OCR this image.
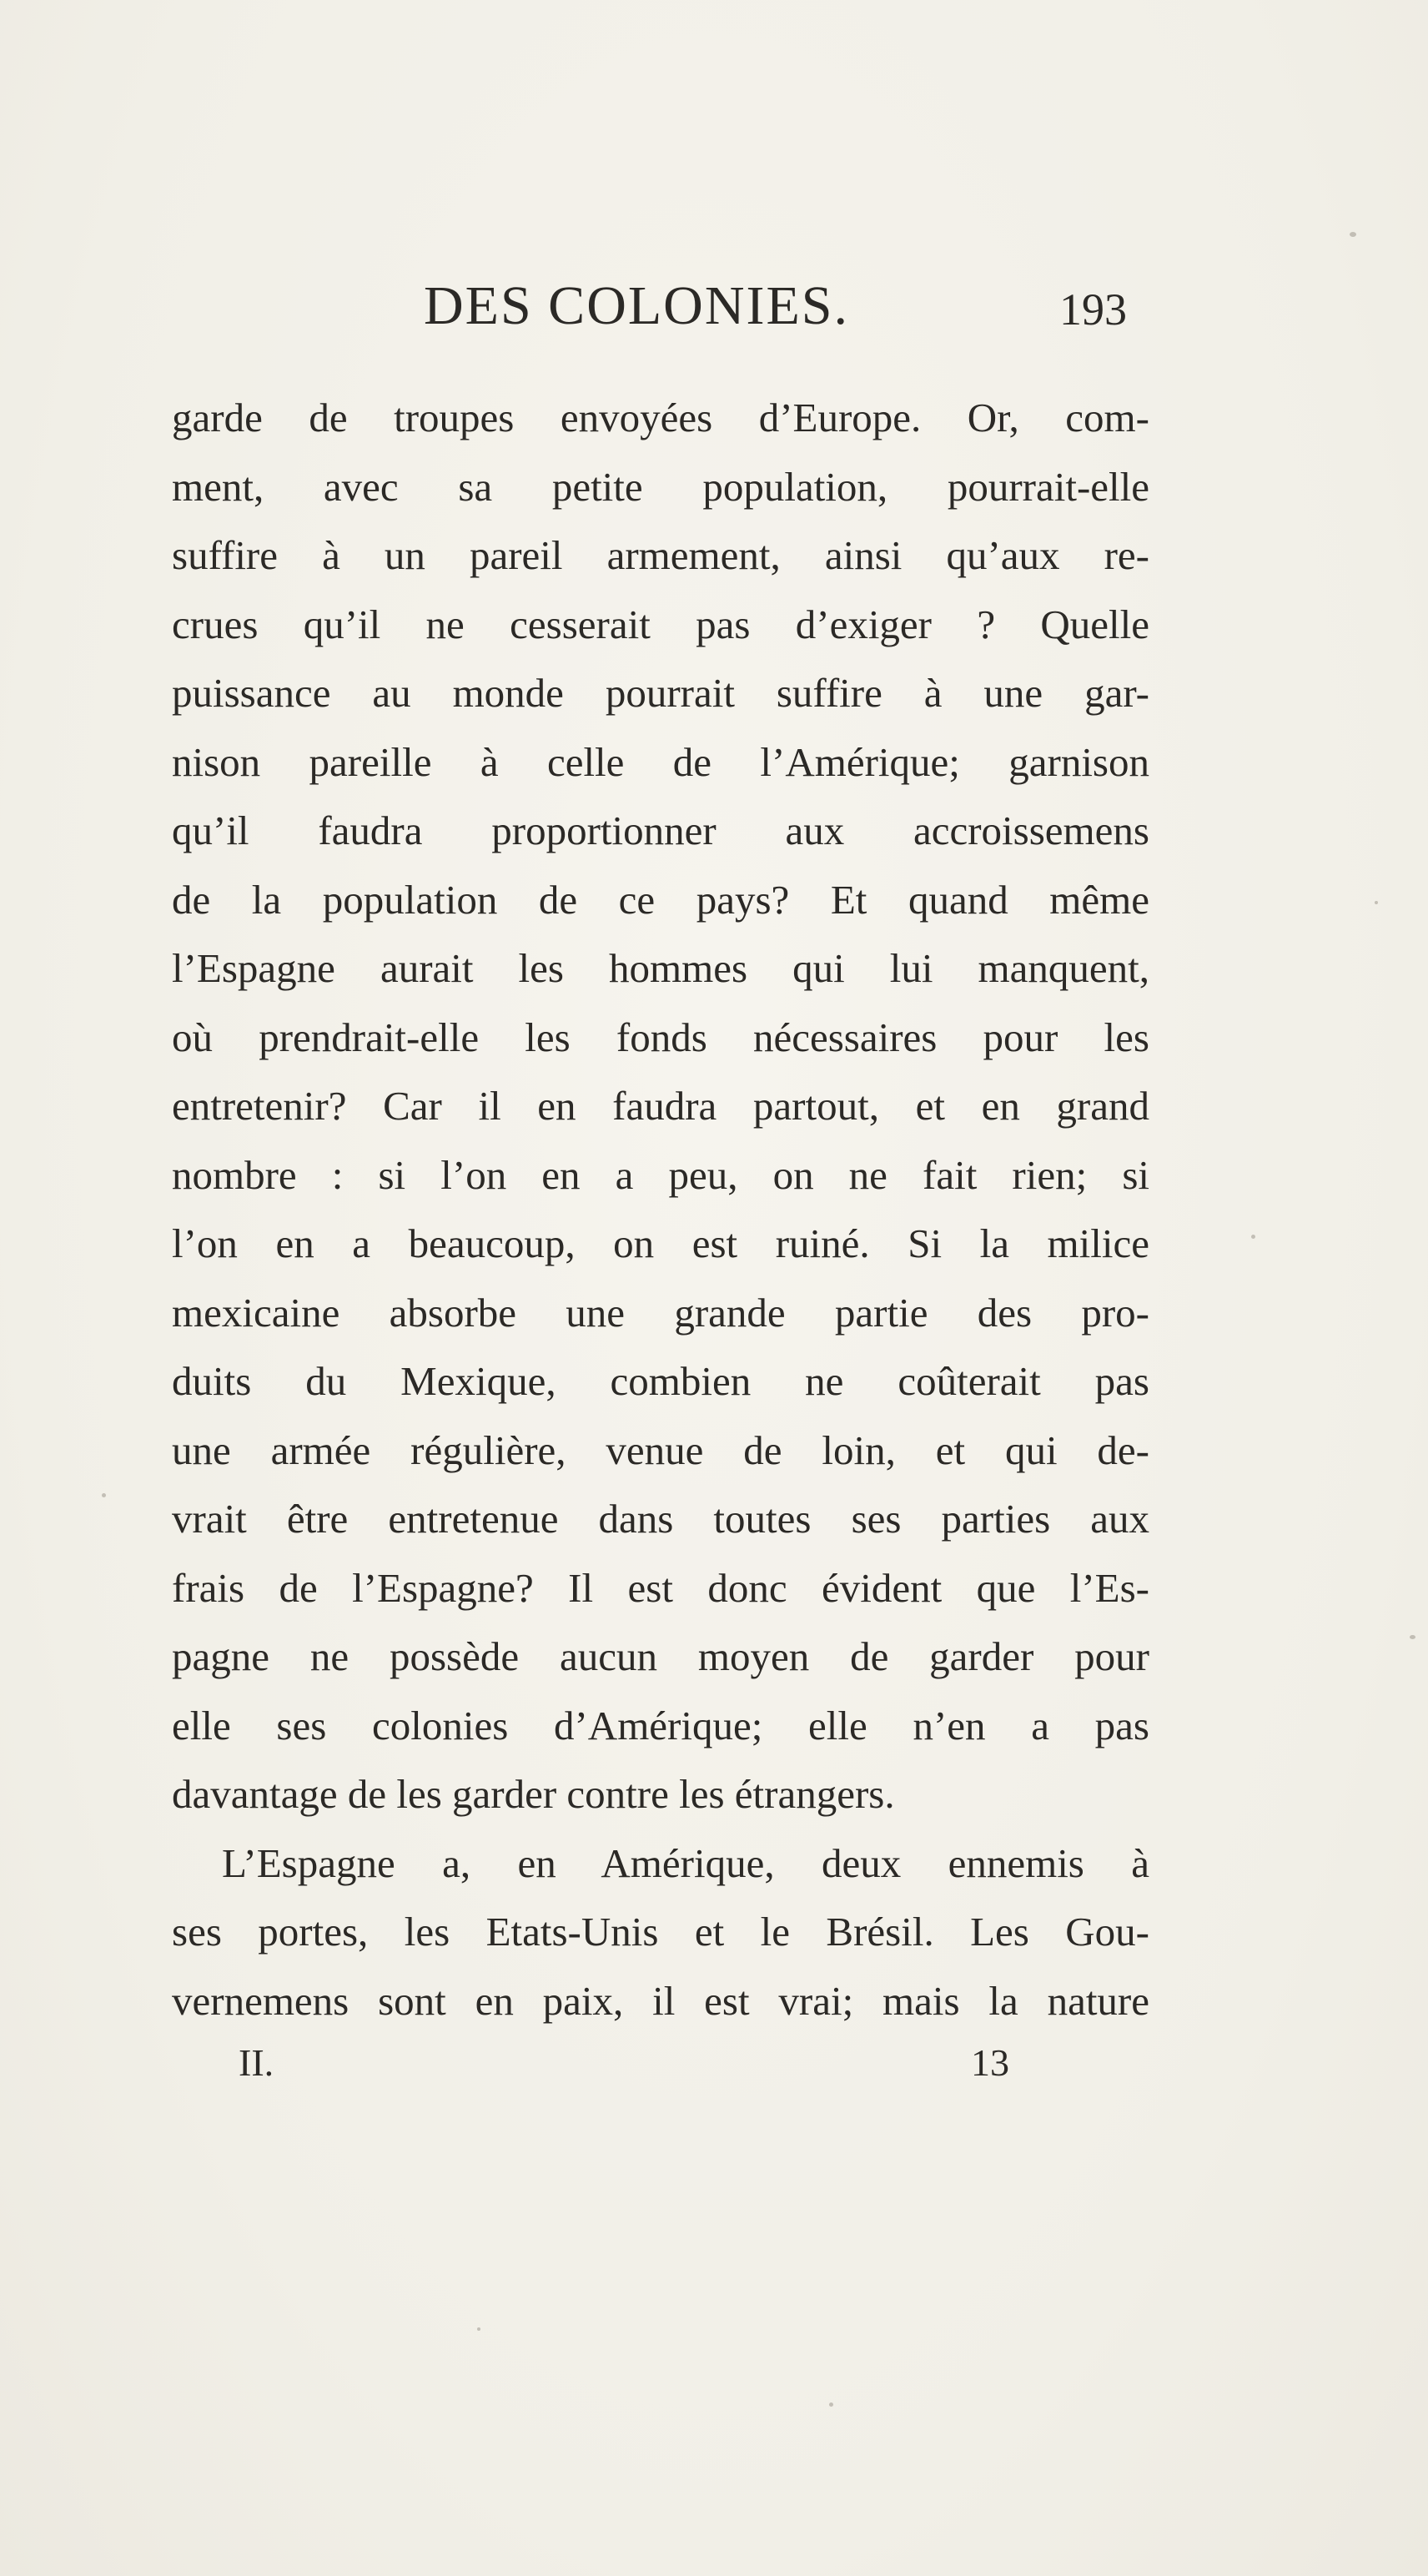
DES COLONIES.	193
garde de troupes envoyées d’Europe. Or, com-
ment, avec sa petite population, pourrait-elle
suffire à un pareil armement, ainsi qu’aux re-
crues qu’il ne cesserait pas d’exiger ? Quelle
puissance au monde pourrait suffire à une gar-
nison pareille à celle de l’Amérique; garnison
qu’il faudra proportionner aux accroissemens
de la population de ce pays? Et quand même
l’Espagne aurait les hommes qui lui manquent,
où prendrait-elle les fonds nécessaires pour les
entretenir? Car il en faudra partout, et en grand
nombre : si l’on en a peu, on ne fait rien; si
l’on en a beaucoup, on est ruiné. Si la milice
mexicaine absorbe une grande partie des pro-
duits du Mexique, combien ne coûterait pas
une armée régulière, venue de loin, et qui de-
vrait être entretenue dans toutes ses parties aux
frais de l’Espagne? Il est donc évident que l’Es-
pagne ne possède aucun moyen de garder pour
elle ses colonies d’Amérique; elle n’en a pas
davantage de les garder contre les étrangers.
L’Espagne a, en Amérique, deux ennemis à
ses portes, les Etats-Unis et le Brésil. Les Gou-
vernemens sont en paix, il est vrai; mais la nature
II.	13
